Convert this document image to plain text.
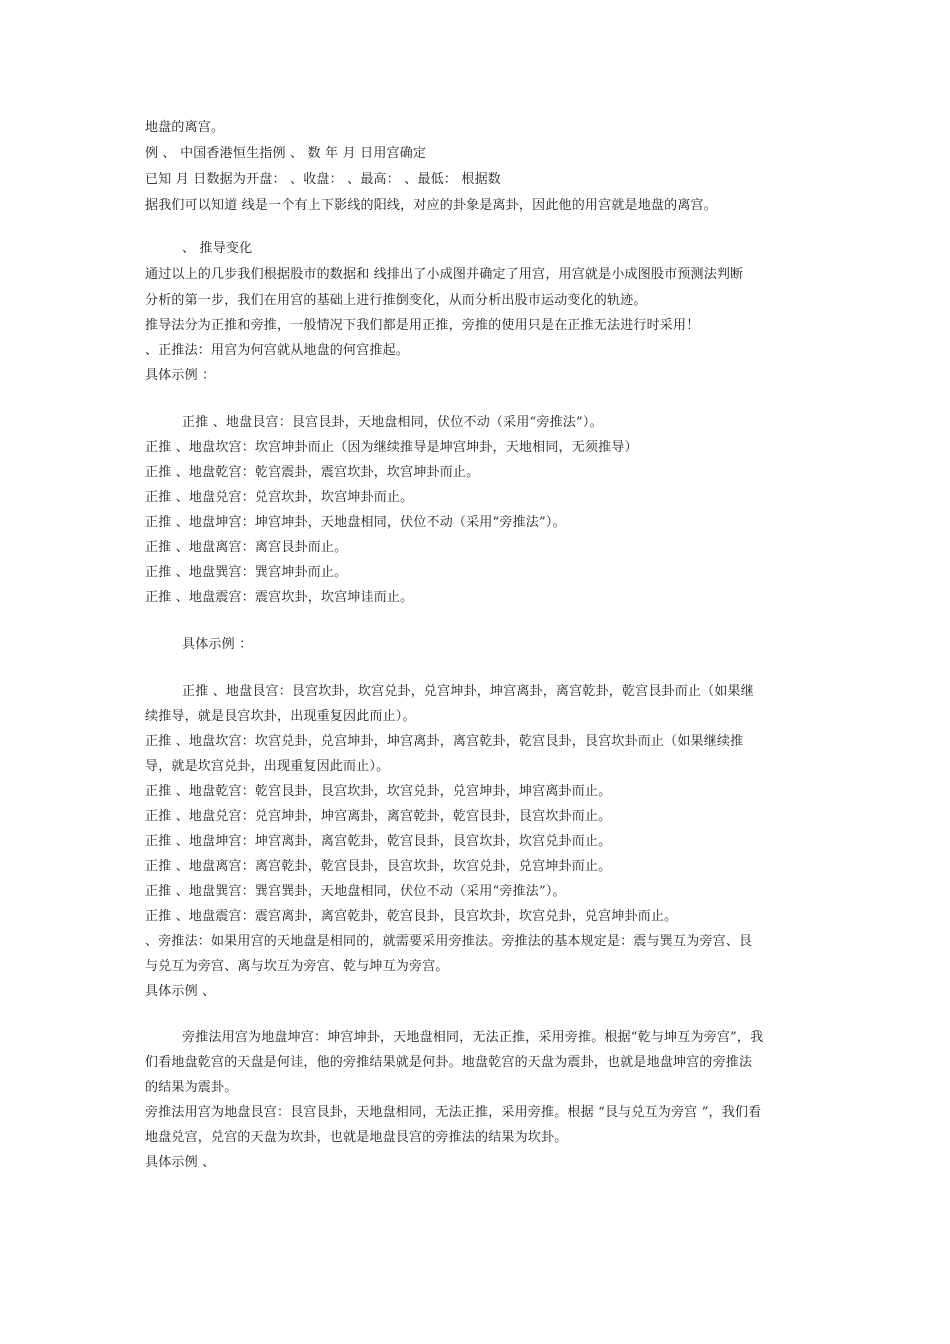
地盘的离宫。
例 、 中国香港恒生指例 、 数 年 月 日用宫确定
已知 月 日数据为开盘： 、收盘： 、最高： 、最低： 根据数
据我们可以知道 线是一个有上下影线的阳线，对应的卦象是离卦，因此他的用宫就是地盘的离宫。
、 推导变化
通过以上的几步我们根据股市的数据和 线排出了小成图并确定了用宫，用宫就是小成图股市预测法判断
分析的第一步，我们在用宫的基础上进行推倒变化，从而分析出股市运动变化的轨迹。
推导法分为正推和旁推，一般情况下我们都是用正推，旁推的使用只是在正推无法进行时采用！
、正推法：用宫为何宫就从地盘的何宫推起。
具体示例 ：
正推 、地盘艮宫：艮宫艮卦，天地盘相同，伏位不动（采用“旁推法”）。
正推 、地盘坎宫：坎宫坤卦而止（因为继续推导是坤宫坤卦，天地相同，无须推导）
正推 、地盘乾宫：乾宫震卦，震宫坎卦，坎宫坤卦而止。
正推 、地盘兑宫：兑宫坎卦，坎宫坤卦而止。
正推 、地盘坤宫：坤宫坤卦，天地盘相同，伏位不动（采用“旁推法”）。
正推 、地盘离宫：离宫艮卦而止。
正推 、地盘巽宫：巽宫坤卦而止。
正推 、地盘震宫：震宫坎卦，坎宫坤诖而止。
具体示例 ：
正推 、地盘艮宫：艮宫坎卦，坎宫兑卦，兑宫坤卦，坤宫离卦，离宫乾卦，乾宫艮卦而止（如果继
续推导，就是艮宫坎卦，出现重复因此而止）。
正推 、地盘坎宫：坎宫兑卦，兑宫坤卦，坤宫离卦，离宫乾卦，乾宫艮卦，艮宫坎卦而止（如果继续推
导，就是坎宫兑卦，出现重复因此而止）。
正推 、地盘乾宫：乾宫艮卦，艮宫坎卦，坎宫兑卦，兑宫坤卦，坤宫离卦而止。
正推 、地盘兑宫：兑宫坤卦，坤宫离卦，离宫乾卦，乾宫艮卦，艮宫坎卦而止。
正推 、地盘坤宫：坤宫离卦，离宫乾卦，乾宫艮卦，艮宫坎卦，坎宫兑卦而止。
正推 、地盘离宫：离宫乾卦，乾宫艮卦，艮宫坎卦，坎宫兑卦，兑宫坤卦而止。
正推 、地盘巽宫：巽宫巽卦，天地盘相同，伏位不动（采用“旁推法”）。
正推 、地盘震宫：震宫离卦，离宫乾卦，乾宫艮卦，艮宫坎卦，坎宫兑卦，兑宫坤卦而止。
、旁推法：如果用宫的天地盘是相同的，就需要采用旁推法。旁推法的基本规定是：震与巽互为旁宫、艮
与兑互为旁宫、离与坎互为旁宫、乾与坤互为旁宫。
具体示例 、
旁推法用宫为地盘坤宫：坤宫坤卦，天地盘相同，无法正推，采用旁推。根据“乾与坤互为旁宫”，我
们看地盘乾宫的天盘是何诖，他的旁推结果就是何卦。地盘乾宫的天盘为震卦，也就是地盘坤宫的旁推法
的结果为震卦。
旁推法用宫为地盘艮宫：艮宫艮卦，天地盘相同，无法正推，采用旁推。根据 “艮与兑互为旁宫 ”，我们看
地盘兑宫，兑宫的天盘为坎卦，也就是地盘艮宫的旁推法的结果为坎卦。
具体示例 、
